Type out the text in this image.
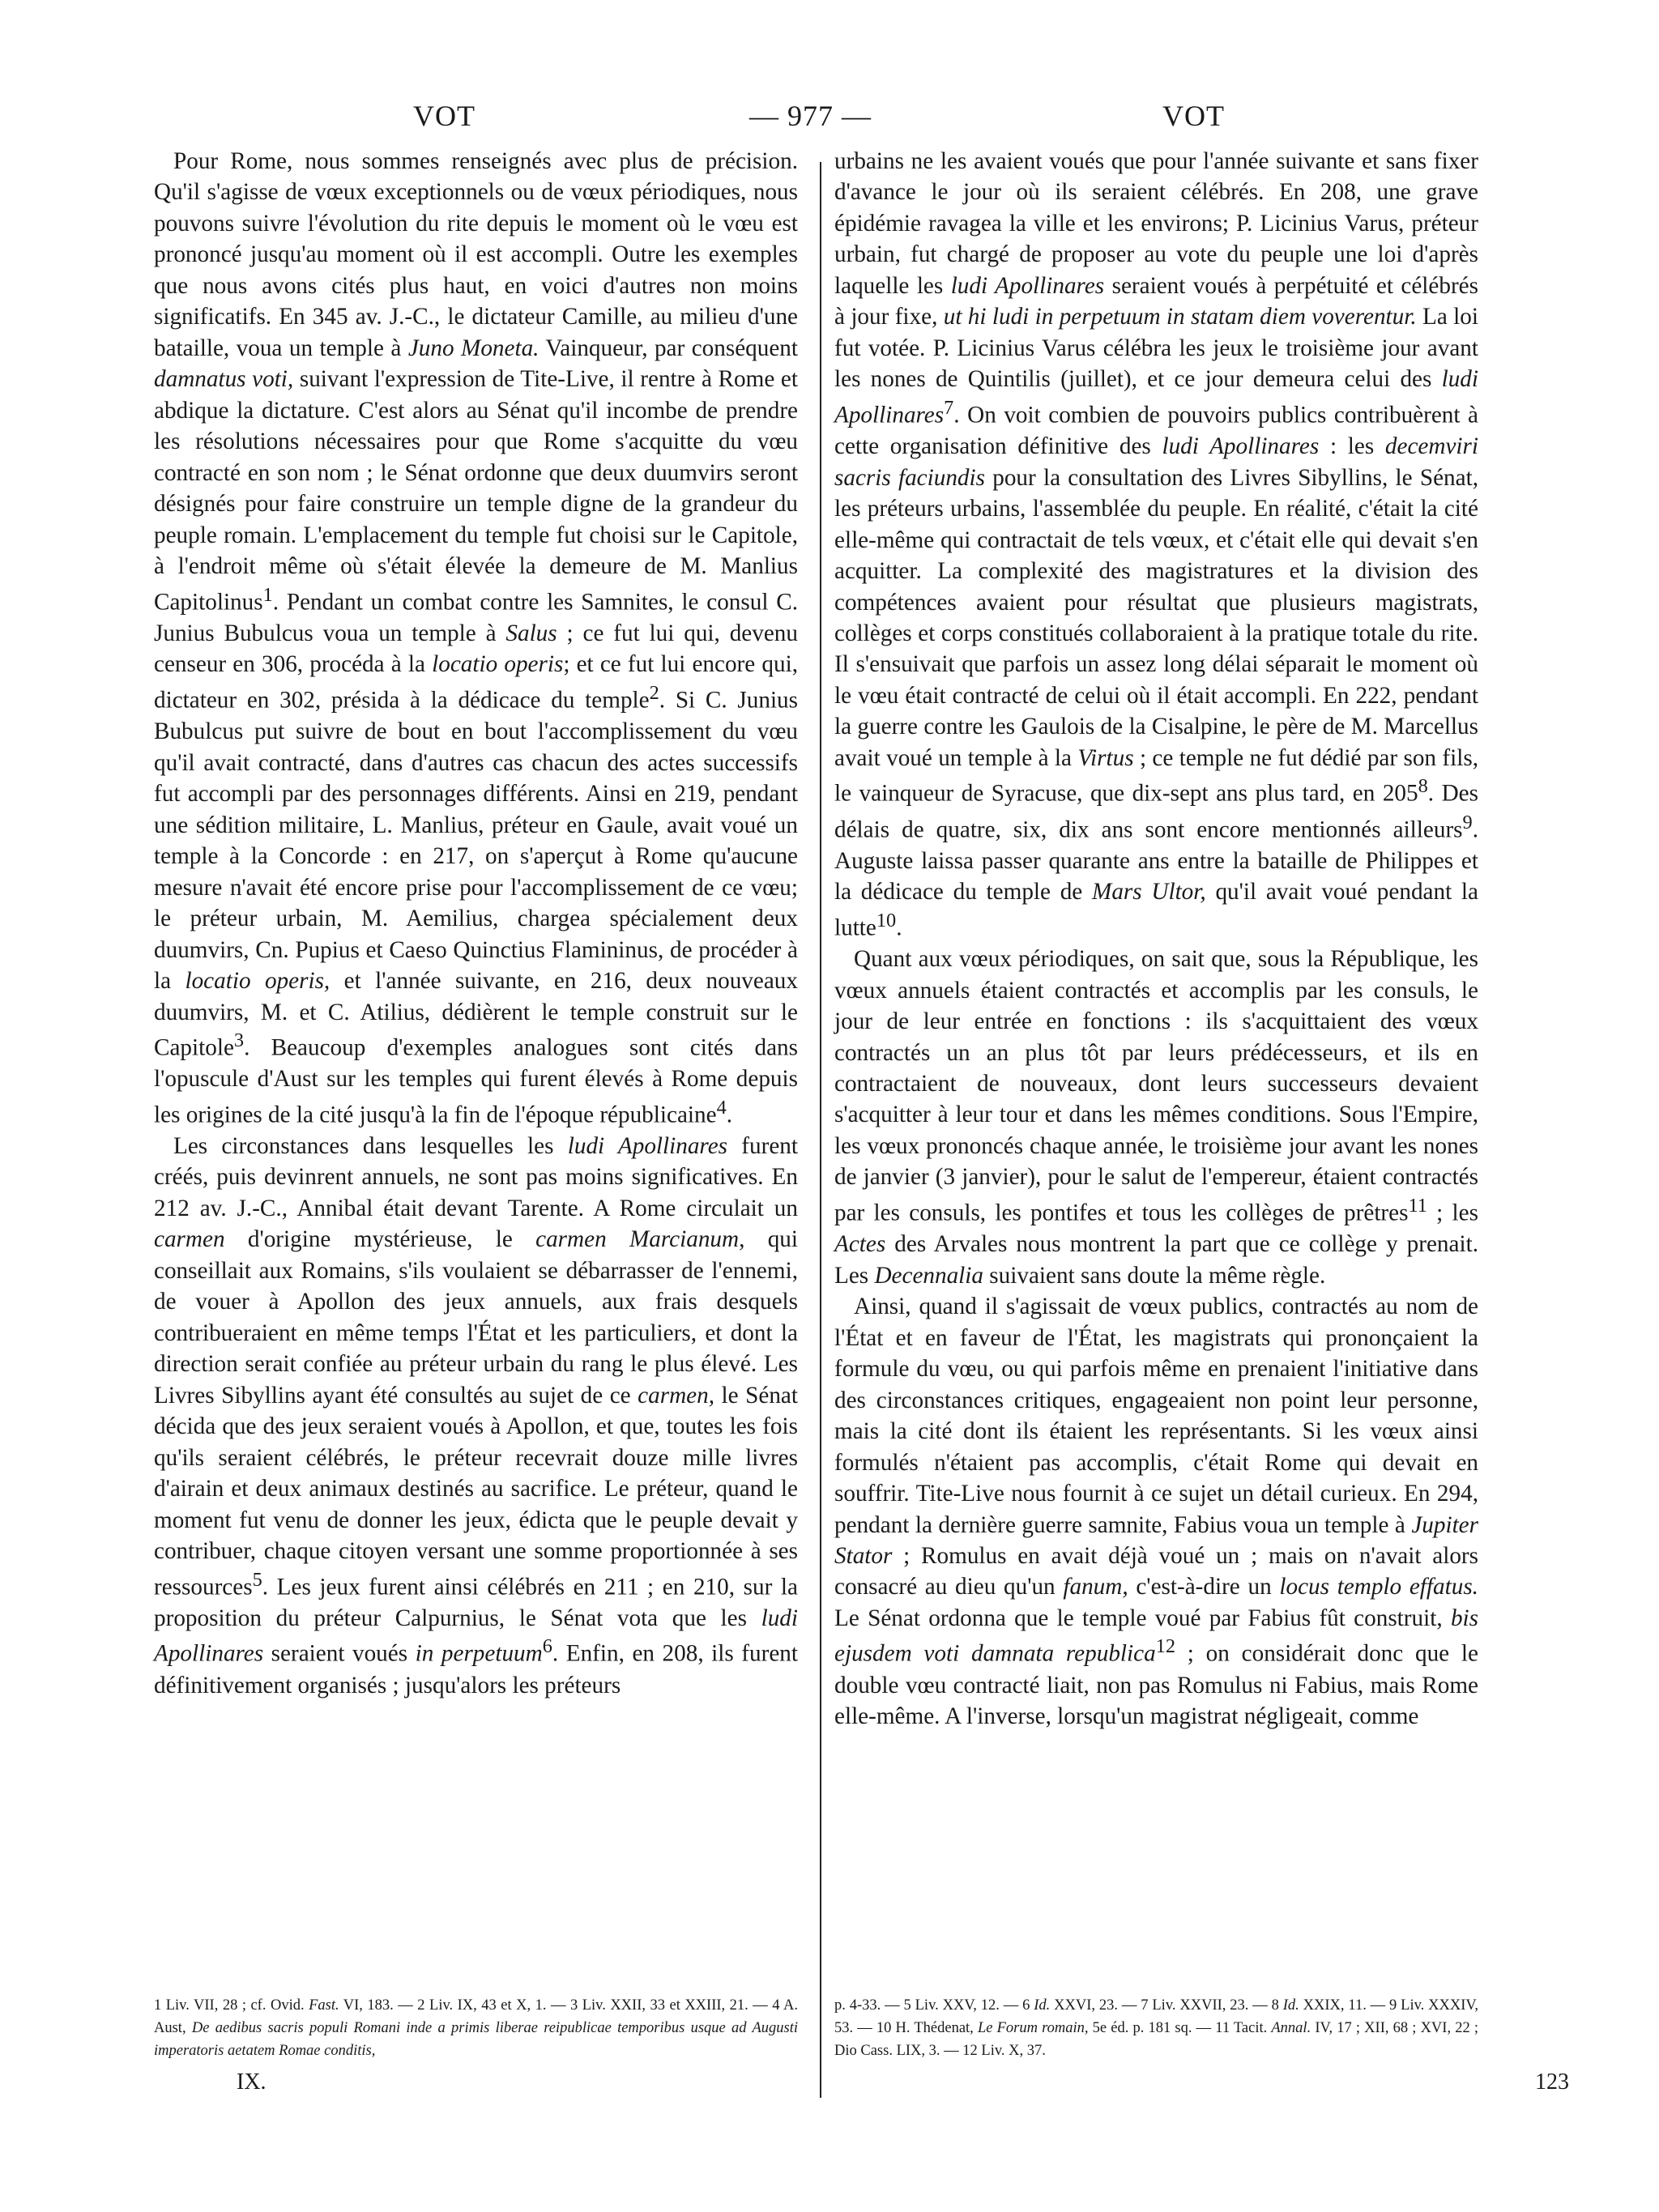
VOT	— 977 —	VOT

Pour Rome, nous sommes renseignés avec plus de précision. Qu'il s'agisse de vœux exceptionnels ou de vœux périodiques, nous pouvons suivre l'évolution du rite depuis le moment où le vœu est prononcé jusqu'au moment où il est accompli. Outre les exemples que nous avons cités plus haut, en voici d'autres non moins significatifs. En 345 av. J.-C., le dictateur Camille, au milieu d'une bataille, voua un temple à Juno Moneta. Vainqueur, par conséquent damnatus voti, suivant l'expression de Tite-Live, il rentre à Rome et abdique la dictature. C'est alors au Sénat qu'il incombe de prendre les résolutions nécessaires pour que Rome s'acquitte du vœu contracté en son nom ; le Sénat ordonne que deux duumvirs seront désignés pour faire construire un temple digne de la grandeur du peuple romain. L'emplacement du temple fut choisi sur le Capitole, à l'endroit même où s'était élevée la demeure de M. Manlius Capitolinus$^1$. Pendant un combat contre les Samnites, le consul C. Junius Bubulcus voua un temple à Salus ; ce fut lui qui, devenu censeur en 306, procéda à la locatio operis; et ce fut lui encore qui, dictateur en 302, présida à la dédicace du temple$^2$. Si C. Junius Bubulcus put suivre de bout en bout l'accomplissement du vœu qu'il avait contracté, dans d'autres cas chacun des actes successifs fut accompli par des personnages différents. Ainsi en 219, pendant une sédition militaire, L. Manlius, préteur en Gaule, avait voué un temple à la Concorde : en 217, on s'aperçut à Rome qu'aucune mesure n'avait été encore prise pour l'accomplissement de ce vœu; le préteur urbain, M. Aemilius, chargea spécialement deux duumvirs, Cn. Pupius et Caeso Quinctius Flamininus, de procéder à la locatio operis, et l'année suivante, en 216, deux nouveaux duumvirs, M. et C. Atilius, dédièrent le temple construit sur le Capitole$^3$. Beaucoup d'exemples analogues sont cités dans l'opuscule d'Aust sur les temples qui furent élevés à Rome depuis les origines de la cité jusqu'à la fin de l'époque républicaine$^4$.

Les circonstances dans lesquelles les ludi Apollinares furent créés, puis devinrent annuels, ne sont pas moins significatives. En 212 av. J.-C., Annibal était devant Tarente. A Rome circulait un carmen d'origine mystérieuse, le carmen Marcianum, qui conseillait aux Romains, s'ils voulaient se débarrasser de l'ennemi, de vouer à Apollon des jeux annuels, aux frais desquels contribueraient en même temps l'État et les particuliers, et dont la direction serait confiée au préteur urbain du rang le plus élevé. Les Livres Sibyllins ayant été consultés au sujet de ce carmen, le Sénat décida que des jeux seraient voués à Apollon, et que, toutes les fois qu'ils seraient célébrés, le préteur recevrait douze mille livres d'airain et deux animaux destinés au sacrifice. Le préteur, quand le moment fut venu de donner les jeux, édicta que le peuple devait y contribuer, chaque citoyen versant une somme proportionnée à ses ressources$^5$. Les jeux furent ainsi célébrés en 211 ; en 210, sur la proposition du préteur Calpurnius, le Sénat vota que les ludi Apollinares seraient voués in perpetuum$^6$. Enfin, en 208, ils furent définitivement organisés ; jusqu'alors les préteurs

urbains ne les avaient voués que pour l'année suivante et sans fixer d'avance le jour où ils seraient célébrés. En 208, une grave épidémie ravagea la ville et les environs; P. Licinius Varus, préteur urbain, fut chargé de proposer au vote du peuple une loi d'après laquelle les ludi Apollinares seraient voués à perpétuité et célébrés à jour fixe, ut hi ludi in perpetuum in statam diem voverentur. La loi fut votée. P. Licinius Varus célébra les jeux le troisième jour avant les nones de Quintilis (juillet), et ce jour demeura celui des ludi Apollinares$^7$. On voit combien de pouvoirs publics contribuèrent à cette organisation définitive des ludi Apollinares : les decemviri sacris faciundis pour la consultation des Livres Sibyllins, le Sénat, les préteurs urbains, l'assemblée du peuple. En réalité, c'était la cité elle-même qui contractait de tels vœux, et c'était elle qui devait s'en acquitter. La complexité des magistratures et la division des compétences avaient pour résultat que plusieurs magistrats, collèges et corps constitués collaboraient à la pratique totale du rite. Il s'ensuivait que parfois un assez long délai séparait le moment où le vœu était contracté de celui où il était accompli. En 222, pendant la guerre contre les Gaulois de la Cisalpine, le père de M. Marcellus avait voué un temple à la Virtus ; ce temple ne fut dédié par son fils, le vainqueur de Syracuse, que dix-sept ans plus tard, en $205^8$. Des délais de quatre, six, dix ans sont encore mentionnés ailleurs$^9$. Auguste laissa passer quarante ans entre la bataille de Philippes et la dédicace du temple de Mars Ultor, qu'il avait voué pendant la lutte$^{10}$.

Quant aux vœux périodiques, on sait que, sous la République, les vœux annuels étaient contractés et accomplis par les consuls, le jour de leur entrée en fonctions : ils s'acquittaient des vœux contractés un an plus tôt par leurs prédécesseurs, et ils en contractaient de nouveaux, dont leurs successeurs devaient s'acquitter à leur tour et dans les mêmes conditions. Sous l'Empire, les vœux prononcés chaque année, le troisième jour avant les nones de janvier (3 janvier), pour le salut de l'empereur, étaient contractés par les consuls, les pontifes et tous les collèges de prêtres$^{11}$ ; les Actes des Arvales nous montrent la part que ce collège y prenait. Les Decennalia suivaient sans doute la même règle.

Ainsi, quand il s'agissait de vœux publics, contractés au nom de l'État et en faveur de l'État, les magistrats qui prononçaient la formule du vœu, ou qui parfois même en prenaient l'initiative dans des circonstances critiques, engageaient non point leur personne, mais la cité dont ils étaient les représentants. Si les vœux ainsi formulés n'étaient pas accomplis, c'était Rome qui devait en souffrir. Tite-Live nous fournit à ce sujet un détail curieux. En 294, pendant la dernière guerre samnite, Fabius voua un temple à Jupiter Stator ; Romulus en avait déjà voué un ; mais on n'avait alors consacré au dieu qu'un fanum, c'est-à-dire un locus templo effatus. Le Sénat ordonna que le temple voué par Fabius fût construit, bis ejusdem voti damnata republica$^{12}$ ; on considérait donc que le double vœu contracté liait, non pas Romulus ni Fabius, mais Rome elle-même. A l'inverse, lorsqu'un magistrat négligeait, comme

1 Liv. VII, 28 ; cf. Ovid. Fast. VI, 183. — 2 Liv. IX, 43 et X, 1. — 3 Liv. XXII, 33 et XXIII, 21. — 4 A. Aust, De aedibus sacris populi Romani inde a primis liberae reipublicae temporibus usque ad Augusti imperatoris aetatem Romae conditis,
p. 4-33. — 5 Liv. XXV, 12. — 6 Id. XXVI, 23. — 7 Liv. XXVII, 23. — 8 Id. XXIX, 11. — 9 Liv. XXXIV, 53. — 10 H. Thédenat, Le Forum romain, 5e éd. p. 181 sq. — 11 Tacit. Annal. IV, 17 ; XII, 68 ; XVI, 22 ; Dio Cass. LIX, 3. — 12 Liv. X, 37.
IX.	123
